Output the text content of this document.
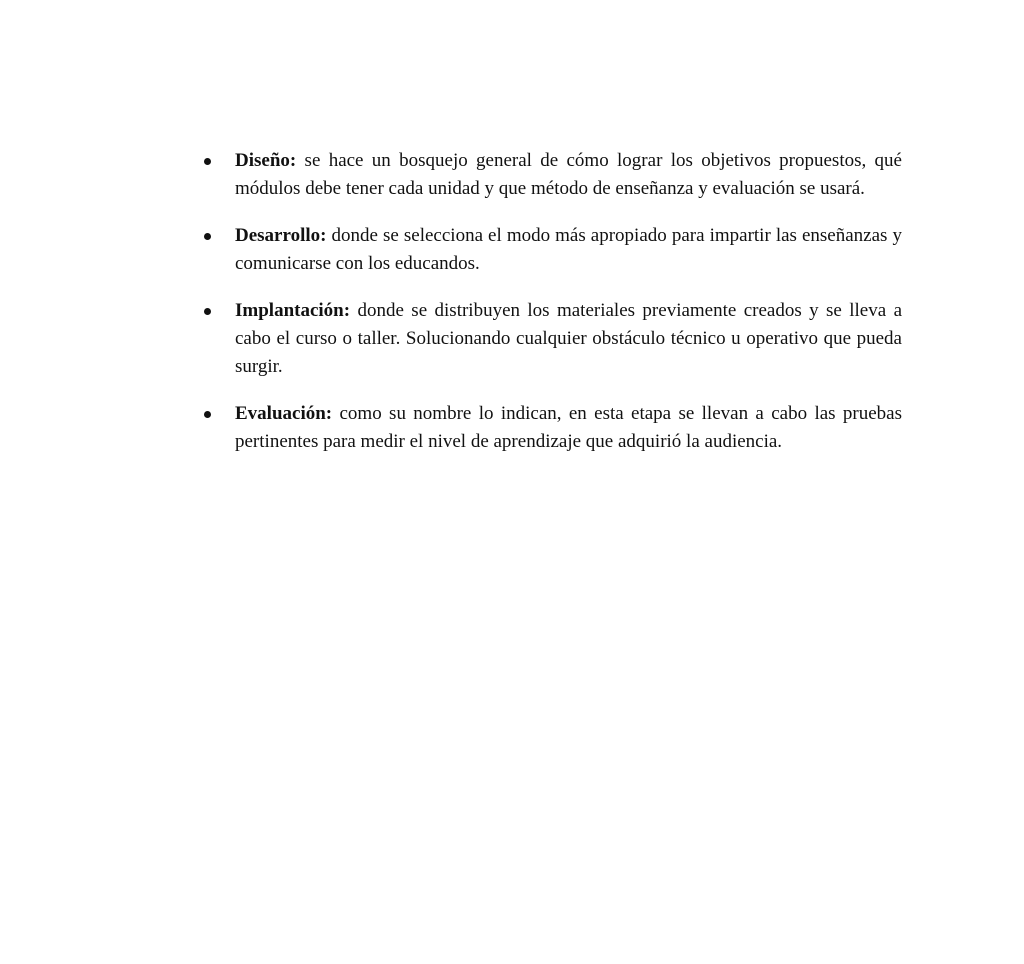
Diseño: se hace un bosquejo general de cómo lograr los objetivos propuestos, qué módulos debe tener cada unidad y que método de enseñanza y evaluación se usará.
Desarrollo: donde se selecciona el modo más apropiado para impartir las enseñanzas y comunicarse con los educandos.
Implantación: donde se distribuyen los materiales previamente creados y se lleva a cabo el curso o taller. Solucionando cualquier obstáculo técnico u operativo que pueda surgir.
Evaluación: como su nombre lo indican, en esta etapa se llevan a cabo las pruebas pertinentes para medir el nivel de aprendizaje que adquirió la audiencia.
